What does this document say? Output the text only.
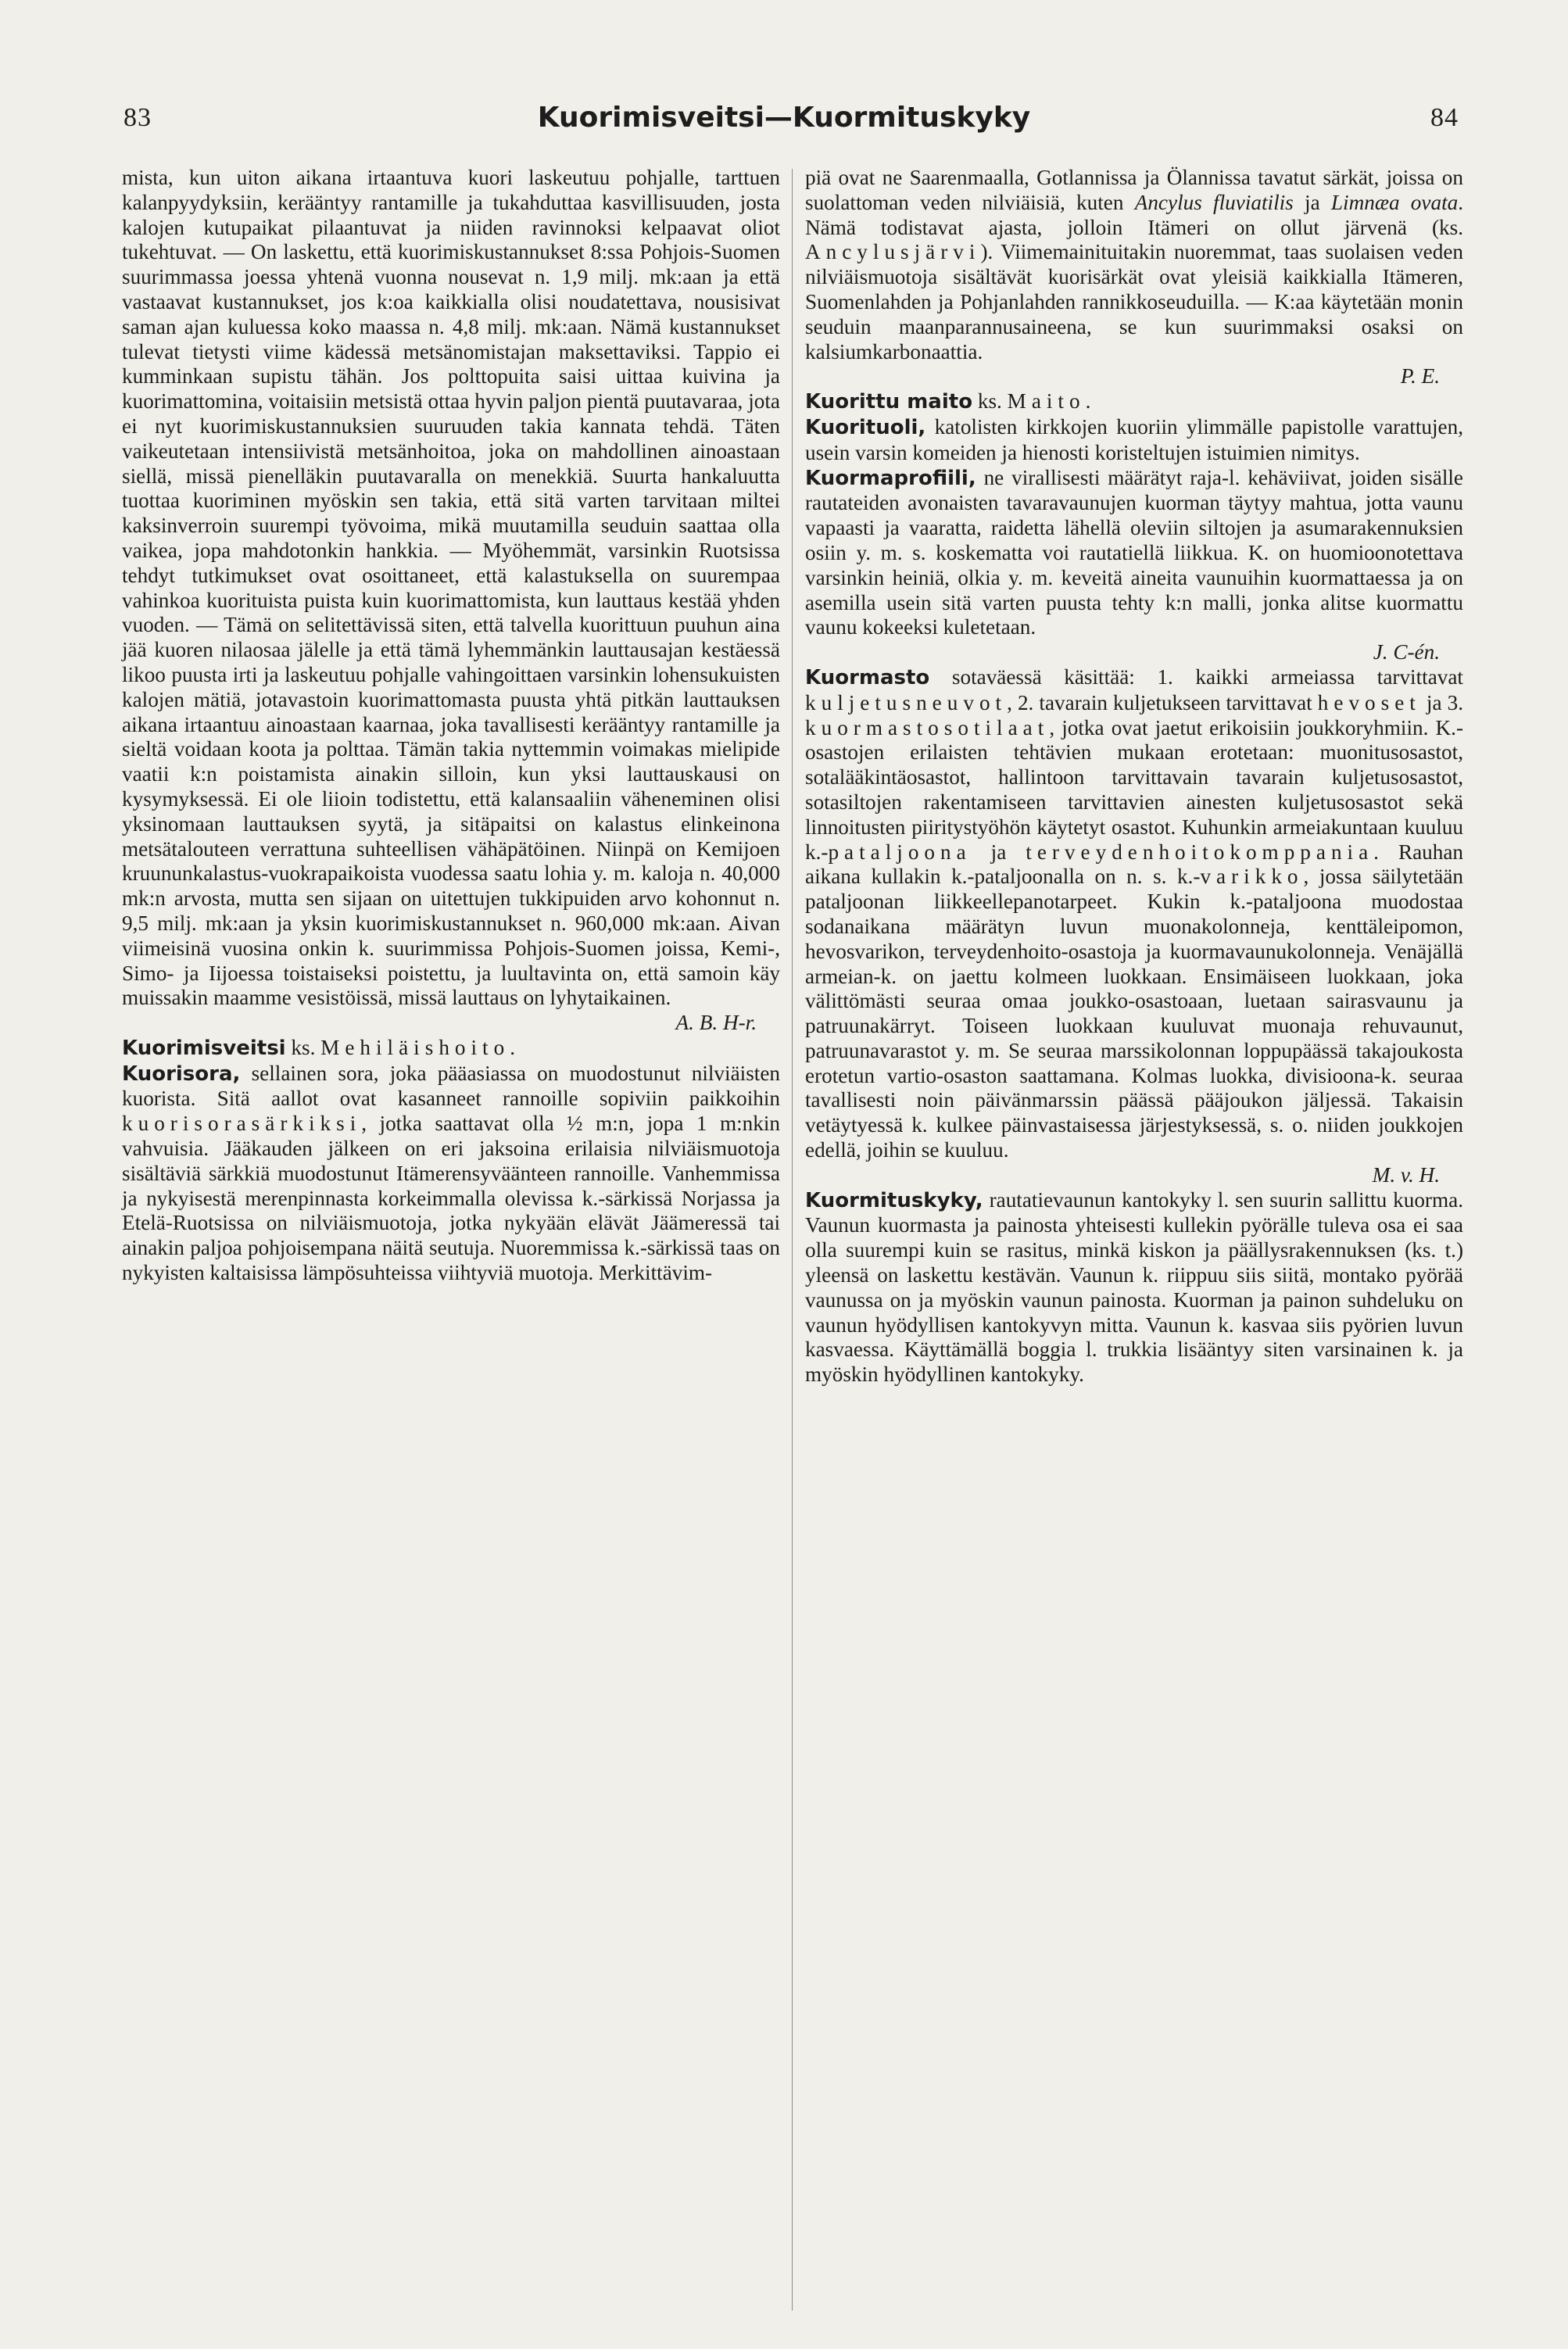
83	Kuorimisveitsi—Kuormituskyky	84

mista, kun uiton aikana irtaantuva kuori laskeutuu pohjalle, tarttuen kalanpyydyksiin, kerääntyy rantamille ja tukahduttaa kasvillisuuden, josta kalojen kutupaikat pilaantuvat ja niiden ravinnoksi kelpaavat oliot tukehtuvat. — On laskettu, että kuorimiskustannukset 8:ssa Pohjois-Suomen suurimmassa joessa yhtenä vuonna nousevat n. 1,9 milj. mk:aan ja että vastaavat kustannukset, jos k:oa kaikkialla olisi noudatettava, nousisivat saman ajan kuluessa koko maassa n. 4,8 milj. mk:aan. Nämä kustannukset tulevat tietysti viime kädessä metsänomistajan maksettaviksi. Tappio ei kumminkaan supistu tähän. Jos polttopuita saisi uittaa kuivina ja kuorimattomina, voitaisiin metsistä ottaa hyvin paljon pientä puutavaraa, jota ei nyt kuorimiskustannuksien suuruuden takia kannata tehdä. Täten vaikeutetaan intensiivistä metsänhoitoa, joka on mahdollinen ainoastaan siellä, missä pienelläkin puutavaralla on menekkiä. Suurta hankaluutta tuottaa kuoriminen myöskin sen takia, että sitä varten tarvitaan miltei kaksinverroin suurempi työvoima, mikä muutamilla seuduin saattaa olla vaikea, jopa mahdotonkin hankkia. — Myöhemmät, varsinkin Ruotsissa tehdyt tutkimukset ovat osoittaneet, että kalastuksella on suurempaa vahinkoa kuorituista puista kuin kuorimattomista, kun lauttaus kestää yhden vuoden. — Tämä on selitettävissä siten, että talvella kuorittuun puuhun aina jää kuoren nilaosaa jälelle ja että tämä lyhemmänkin lauttausajan kestäessä likoo puusta irti ja laskeutuu pohjalle vahingoittaen varsinkin lohensukuisten kalojen mätiä, jotavastoin kuorimattomasta puusta yhtä pitkän lauttauksen aikana irtaantuu ainoastaan kaarnaa, joka tavallisesti kerääntyy rantamille ja sieltä voidaan koota ja polttaa. Tämän takia nyttemmin voimakas mielipide vaatii k:n poistamista ainakin silloin, kun yksi lauttauskausi on kysymyksessä. Ei ole liioin todistettu, että kalansaaliin väheneminen olisi yksinomaan lauttauksen syytä, ja sitäpaitsi on kalastus elinkeinona metsätalouteen verrattuna suhteellisen vähäpätöinen. Niinpä on Kemijoen kruununkalastus-vuokrapaikoista vuodessa saatu lohia y. m. kaloja n. 40,000 mk:n arvosta, mutta sen sijaan on uitettujen tukkipuiden arvo kohonnut n. 9,5 milj. mk:aan ja yksin kuorimiskustannukset n. 960,000 mk:aan. Aivan viimeisinä vuosina onkin k. suurimmissa Pohjois-Suomen joissa, Kemi-, Simo- ja Iijoessa toistaiseksi poistettu, ja luultavinta on, että samoin käy muissakin maamme vesistöissä, missä lauttaus on lyhytaikainen.
A. B. H-r.

Kuorimisveitsi ks. Mehiläishoito.

Kuorisora, sellainen sora, joka pääasiassa on muodostunut nilviäisten kuorista. Sitä aallot ovat kasanneet rannoille sopiviin paikkoihin kuorisorasärkiksi, jotka saattavat olla ½ m:n, jopa 1 m:nkin vahvuisia. Jääkauden jälkeen on eri jaksoina erilaisia nilviäismuotoja sisältäviä särkkiä muodostunut Itämerensyväänteen rannoille. Vanhemmissa ja nykyisestä merenpinnasta korkeimmalla olevissa k.-särkissä Norjassa ja Etelä-Ruotsissa on nilviäismuotoja, jotka nykyään elävät Jäämeressä tai ainakin paljoa pohjoisempana näitä seutuja. Nuoremmissa k.-särkissä taas on nykyisten kaltaisissa lämpösuhteissa viihtyviä muotoja. Merkittävim-

piä ovat ne Saarenmaalla, Gotlannissa ja Ölannissa tavatut särkät, joissa on suolattoman veden nilviäisiä, kuten Ancylus fluviatilis ja Limnæa ovata. Nämä todistavat ajasta, jolloin Itämeri on ollut järvenä (ks. Ancylusjärvi). Viimemainituitakin nuoremmat, taas suolaisen veden nilviäismuotoja sisältävät kuorisärkät ovat yleisiä kaikkialla Itämeren, Suomenlahden ja Pohjanlahden rannikkoseuduilla. — K:aa käytetään monin seuduin maanparannusaineena, se kun suurimmaksi osaksi on kalsiumkarbonaattia.
P. E.

Kuorittu maito ks. Maito.

Kuorituoli, katolisten kirkkojen kuoriin ylimmälle papistolle varattujen, usein varsin komeiden ja hienosti koristeltujen istuimien nimitys.

Kuormaprofiili, ne virallisesti määrätyt raja-l. kehäviivat, joiden sisälle rautateiden avonaisten tavaravaunujen kuorman täytyy mahtua, jotta vaunu vapaasti ja vaaratta, raidetta lähellä oleviin siltojen ja asumarakennuksien osiin y. m. s. koskematta voi rautatiellä liikkua. K. on huomioonotettava varsinkin heiniä, olkia y. m. keveitä aineita vaunuihin kuormattaessa ja on asemilla usein sitä varten puusta tehty k:n malli, jonka alitse kuormattu vaunu kokeeksi kuletetaan.
J. C-én.

Kuormasto sotaväessä käsittää: 1. kaikki armeiassa tarvittavat kuljetusneuvot, 2. tavarain kuljetukseen tarvittavat hevoset ja 3. kuormastosotilaat, jotka ovat jaetut erikoisiin joukkoryhmiin. K.-osastojen erilaisten tehtävien mukaan erotetaan: muonitusosastot, sotalääkintäosastot, hallintoon tarvittavain tavarain kuljetusosastot, sotasiltojen rakentamiseen tarvittavien ainesten kuljetusosastot sekä linnoitusten piiritystyöhön käytetyt osastot. Kuhunkin armeiakuntaan kuuluu k.-pataljoona ja terveydenhoitokomppania. Rauhan aikana kullakin k.-pataljoonalla on n. s. k.-varikko, jossa säilytetään pataljoonan liikkeellepanotarpeet. Kukin k.-pataljoona muodostaa sodanaikana määrätyn luvun muonakolonneja, kenttäleipomon, hevosvarikon, terveydenhoito-osastoja ja kuormavaunukolonneja. Venäjällä armeian-k. on jaettu kolmeen luokkaan. Ensimäiseen luokkaan, joka välittömästi seuraa omaa joukko-osastoaan, luetaan sairasvaunu ja patruunakärryt. Toiseen luokkaan kuuluvat muonaja rehuvaunut, patruunavarastot y. m. Se seuraa marssikolonnan loppupäässä takajoukosta erotetun vartio-osaston saattamana. Kolmas luokka, divisioona-k. seuraa tavallisesti noin päivänmarssin päässä pääjoukon jäljessä. Takaisin vetäytyessä k. kulkee päinvastaisessa järjestyksessä, s. o. niiden joukkojen edellä, joihin se kuuluu.
M. v. H.

Kuormituskyky, rautatievaunun kantokyky l. sen suurin sallittu kuorma. Vaunun kuormasta ja painosta yhteisesti kullekin pyörälle tuleva osa ei saa olla suurempi kuin se rasitus, minkä kiskon ja päällysrakennuksen (ks. t.) yleensä on laskettu kestävän. Vaunun k. riippuu siis siitä, montako pyörää vaunussa on ja myöskin vaunun painosta. Kuorman ja painon suhdeluku on vaunun hyödyllisen kantokyvyn mitta. Vaunun k. kasvaa siis pyörien luvun kasvaessa. Käyttämällä boggia l. trukkia lisääntyy siten varsinainen k. ja myöskin hyödyllinen kantokyky.
